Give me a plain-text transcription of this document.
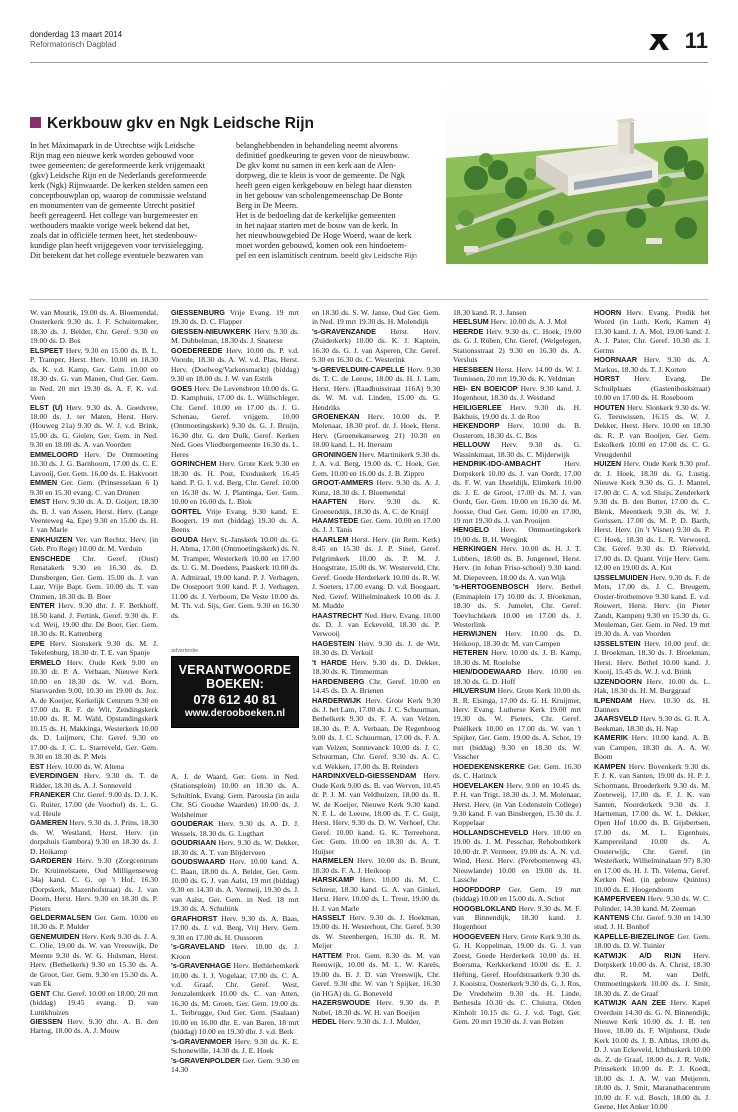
donderdag 13 maart 2014
Reformatorisch Dagblad	11
Kerkbouw gkv en Ngk Leidsche Rijn

In het Máximapark in de Utrechtse wijk Leidsche

Rijn mag een nieuwe kerk worden gebouwd voor

twee gemeenten: de gereformeerde kerk vrijgemaakt

(gkv) Leidsche Rijn en de Nederlands gereformeerde

kerk (Ngk) Rijnwaarde. De kerken stelden samen een

conceptbouwplan op, waarop de commissie welstand

en monumenten van de gemeente Utrecht positief

heeft gereageerd. Het college van burgemeester en

wethouders maakte vorige week bekend dat het,

zoals dat in officiële termen heet, het stedenbouw-

kundige plan heeft vrijgegeven voor tervisielegging.

Dit betekent dat het college eventuele bezwaren van

belanghebbenden in behandeling neemt alvorens

definitief goedkeuring te geven voor de nieuwbouw.

De gkv komt nu samen in een kerk aan de Alen-

dorpweg, die te klein is voor de gemeente. De Ngk

heeft geen eigen kerkgebouw en belegt haar diensten

in het gebouw van scholengemeenschap De Bonte

Berg in De Meern.

Het is de bedoeling dat de kerkelijke gemeenten

in het najaar starten met de bouw van de kerk. In

het nieuwbouwgebied De Hoge Woerd, waar de kerk

moet worden gebouwd, komen ook een hindoetem-

pel en een islamitisch centrum. beeld gkv Leidsche Rijn

W. van Mourik, 19.00 ds. A. Bloemendal, Oosterkerk 9.30 ds. J. F. Schuitemaker, 18.30 ds. J. Belder, Chr. Geref. 9.30 en 19.00 ds. D. Bos

ELSPEET Herv. 9.30 en 15.00 ds. B. L. P. Tramper, Herst. Herv. 10.00 en 18.30 ds. K. v.d. Kamp, Ger. Gem. 10.00 en 18.30 ds. G. van Manen, Oud Ger. Gem. in Ned. 20 mrt 19.30 ds. A. F. K. v.d. Veen

ELST (U) Herv. 9.30 ds. A. Goedvree, 18.00 ds. J. ter Maten, Herst. Herv. (Houweg 21a) 9.30 ds. W. J. v.d. Brink, 15.00 ds. G. Gielen, Ger. Gem. in Ned. 9.30 en 18.00 ds. A. van Voorden

EMMELOORD Herv. De Ontmoeting 10.30 ds. J. G. Barnhoorn, 17.00 ds. C. E. Lavooij, Ger. Gem. 16.00 ds. E. Hakvoort

EMMEN Ger. Gem. (Prinsesselaan 6 I) 9.30 en 15.30 evang. C. van Drunen

EMST Herv. 9.30 ds. A. D. Goijert, 18.30 ds. B. J. van Assen, Herst. Herv. (Lange Veenteweg 4a, Epe) 9.30 en 15.00 ds. H. J. van Marle

ENKHUIZEN Ver. van Rechtz. Herv. (in Geb. Pro Rege) 10.00 dr. M. Verduin

ENSCHEDE Chr. Geref. (Oost) Renatakerk 9.30 en 16.30 ds. D. Dunsbergen, Ger. Gem. 15.00 ds. J. van Laar, Vrije Bapt. Gem. 10.00 ds. T. van Ommen, 18.30 ds. B. Boer

ENTER Herv. 9.30 dhr. J. F. Berkhoff, 18.50 kand. J. Fertink, Geref. 9.30 ds. F. v.d. Weij, 19.00 dhr. De Boer, Ger. Gem. 18.30 ds. R. Kattenberg

EPE Herv. Sionskerk 9.30 ds. M. J. Tekelenburg, 18.30 dr. T. E. van Spanje

ERMELO Herv. Oude Kerk 9.00 en 10.30 dr. P. A. Verbaan, Nieuwe Kerk 10.00 en 18.30 ds. W. v.d. Born, Starsvarden 9.00, 10.30 en 19.00 ds. Joz. A. de Koeijer, Kerkelijk Centrum 9.30 en 17.00 ds. R. F. de Wit, Zendingskerk 10.00 ds. R. M. Wahl, Opstandingskerk 10.15 ds. H. Makkinga, Westerkerk 10.00 ds. D. Luijmers, Chr. Geref. 9.30 en 17.00 ds. J. C. L. Starreveld, Ger. Gem. 9.30 en 18.30 ds. P. Mels

EST Herv. 10.00 ds. W. Altena

EVERDINGEN Herv. 9.30 ds. T. de Ridder, 18.30 ds. A. J. Sonneveld

FRANEKER Chr. Geref. 9.00 ds. D. J. K. G. Ruiter, 17.00 (de Voorhof) ds. L. G. v.d. Heule

GAMEREN Herv. 9.30 ds. J. Prins, 18.30 ds. W. Westland, Herst. Herv. (in dorpshuis Gambora) 9.30 en 18.30 ds. J. D. Heikamp

GARDEREN Herv. 9.30 (Zorgcentrum Dr. Kruimelstaete, Oud Milligenseweg 34a) kand. C. G. op 't Hof, 16.30 (Dorpskerk, Mazenhofstraat) ds. J. van Doorn, Herst. Herv. 9.30 en 18.30 ds. P. Pieters

GELDERMALSEN Ger. Gem. 10.00 en 18.30 ds. P. Mulder

GENEMUIDEN Herv. Kerk 9.30 ds. J. A. C. Olie, 19.00 ds. W. van Vreeswijk, De Meente 9.30 ds. W. G. Hulsman, Herst. Herv. (Bethelkerk) 9.30 en 15.30 ds. A. de Groot, Ger. Gem. 9.30 en 15.30 ds. A. van Ek

GENT Chr. Geref. 10.00 en 18.00, 20 mrt (biddag) 19.45 evang. D. van Luttikhuizen

GIESSEN Herv. 9.30 dhr. A. B. den Hartog, 18.00 ds. A. J. Mouw

GIESSENBURG Vrije Evang. 19 mrt 19.30 ds. D. C. Flapper

GIESSEN-NIEUWKERK Herv. 9.30 ds. M. Dubbelman, 18.30 ds. J. Snaterse

GOEDEREEDE Herv. 10.00 ds. P. v.d. Voorde, 18.30 ds. A. W. v.d. Plas, Herst. Herv. (Doelweg/Varkensmarkt) (biddag) 9.30 en 18.00 ds. J. W. van Estrik

GOES Herv. De Levensbron 10.00 ds. G. D. Kamphuis, 17.00 ds. L. Wüllschleger, Chr. Geref. 10.00 en 17.00 ds. J. G. Schenau, Geref. vrijgem. 10.00 (Ontmoetingskerk) 9.30 ds. G. J. Bruijn, 16.30 dhr. G. den Dulk, Geref. Kerken Ned. Goes Vliedbergemeente 16.30 ds. L. Heres

GORINCHEM Herv. Grote Kerk 9.30 en 18.30 ds. H. Post, Exoduskerk 16.45 kand. P. G. I. v.d. Berg, Chr. Geref. 10.00 en 16.30 ds. W. J. Plantinga, Ger. Gem. 10.00 en 16.00 ds. L. Blok

GORTEL Vrije Evang. 9.30 kand. E. Boogert, 19 mrt (biddag) 19.30 ds. A. Beens

GOUDA Herv. St.-Janskerk 10.00 ds. G. H. Abma, 17.00 (Ontmoetingskerk) ds. N. M. Tramper, Westerkerk 10.00 en 17.00 ds. U. G. M. Doedens, Paaskerk 10.00 ds. A. Admiraal, 19.00 kand. P. J. Verhagen, De Oostpoort 9.00 kand. P. J. Verhagen, 11.00 ds. J. Verboom, De Veste 10.00 ds. M. Th. v.d. Sijs, Ger. Gem. 9.30 en 16.30 ds.

A. J. de Waard, Ger. Gem. in Ned. (Stationsplein) 10.00 en 18.30 ds. A. Schultink, Evang. Gem. Parousia (in aula Chr. SG Goudse Waarden) 10.00 ds. J. Wolsheimer

GOUDERAK Herv. 9.30 ds. A. D. J. Wessels, 18.30 ds. G. Lugthart

GOUDRIAAN Herv. 9.30 ds. W. Dekker, 18.30 ds. A. T. van Blijderveen

GOUDSWAARD Herv. 10.00 kand. A. C. Baan, 18.00 ds. A. Belder, Ger. Gem. 10.00 ds. G. J. van Aalst, 19 mrt (biddag) 9.30 en 14.30 ds. A. Vermeij, 19.30 ds. J. van Aalst, Ger. Gem. in Ned. 18 mrt 19.30 ds. A. Schultink

GRAFHORST Herv. 9.30 ds. A. Baas, 17.00 ds. J. v.d. Berg, Vrij Herv. Gem. 9.30 en 17.00 ds. H. Oussoren

's-GRAVELAND Herv. 10.00 ds. J. Kroon

's-GRAVENHAGE Herv. Bethlehemkerk 10.00 ds. I. J. Vogelaar, 17.00 ds. C. A. v.d. Graaf, Chr. Geref. West, Jeruzalemkerk 10.00 ds. C. van Atten, 16.30 ds. M. Groen, Ger. Gem. 19.00 ds. L. Terbrugge, Oud Ger. Gem. (Saalaan) 10.00 en 16.00 dhr. E. van Baren, 18 mrt (biddag) 10.00 en 19.30 dhr. J. v.d. Berk

's-GRAVENMOER Herv. 9.30 ds. K. E. Schonewille, 14.30 ds. J. E. Hoek

's-GRAVENPOLDER Ger. Gem. 9.30 en 14.30

en 18.30 ds. S. W. Janse, Oud Ger. Gem. in Ned. 19 mrt 19.30 ds. H. Molendijk

's-GRAVENZANDE Herst. Herv. (Zuiderkerk) 10.00 ds. K. J. Kaptein, 16.30 ds. G. J. van Asperen, Chr. Geref. 9.30 en 16.30 ds. C. Westerink

's-GREVELDUIN-CAPELLE Herv. 9.30 ds. T. C. de Leeuw, 18.00 ds. H. J. Lam, Herst. Herv. (Raadhuisstraat 116A) 9.30 ds. W. M. v.d. Linden, 15.00 ds. G. Hendriks

GROENEKAN Herv. 10.00 ds. P. Molenaar, 18.30 prof. dr. J. Hoek, Herst. Herv. (Groenekanseweg 21) 10.30 en 18.00 kand. L. H. Ittersum

GRONINGEN Herv. Martinikerk 9.30 ds. J. A. v.d. Berg, 19.00 ds. C. Hoek, Ger. Gem. 10.00 en 16.00 ds. J. B. Zippro

GROOT-AMMERS Herv. 9.30 ds. A. J. Kunz, 18.30 ds. J. Bloemendal

HAAFTEN Herv. 9.30 ds. K. Groenendijk, 18.30 ds. A. C. de Kruijf

HAAMSTEDE Ger. Gem. 10.00 en 17.00 ds. J. J. Tanis

HAARLEM Herst. Herv. (in Rem. Kerk) 8.45 en 15.30 ds. J. P. Stoel, Geref. Pelgrimkerk 10.00 ds. P. M. J. Hoogstrate, 15.00 ds. W. Westerveld, Chr. Geref. Goede Herderkerk 10.00 ds. R. W. J. Soeters, 17.00 evang. D. v.d. Boogaart, Ned. Geref. Wilhelminakerk 10.00 ds. J. M. Mudde

HAASTRECHT Ned. Herv. Evang. 10.00 ds. D. J. van Eckeveld, 18.30 ds. P. Verwooij

HAGESTEIN Herv. 9.30 ds. J. de Wit, 18.30 ds. D. Verkuil

't HARDE Herv. 9.30 ds. D. Dekker, 18.30 ds. K. Timmerman

HARDENBERG Chr. Geref. 10.00 en 14.45 ds. D. A. Brienen

HARDERWIJK Herv. Grote Kerk 9.30 ds. J. het Lam, 17.00 ds. J. C. Schuurman, Bethelkerk 9.30 ds. F. A. van Velzen, 18.30 ds. P. A. Verbaan, De Regenboog 9.00 ds. J. C. Schuurman, 17.00 ds. F. A. van Velzen, Sonnevanck 10.00 ds. J. C. Schuurman, Chr. Geref. 9.30 ds. A. C. v.d. Wekken, 17.00 ds. B. Reinders

HARDINXVELD-GIESSENDAM Herv. Oude Kerk 9.00 ds. B. van Werven, 10.45 dr. P. J. M. van Veldhuizen, 18.00 ds. R. W. de Koeijer, Nieuwe Kerk 9.30 kand. N. F. L. de Leeuw, 18.00 ds. T. C. Guijt, Herst. Herv. 9.30 ds. D. W. Verhoef, Chr. Geref. 10.00 kand. G. K. Terreehorst, Ger. Gem. 10.00 en 18.30 ds. A. T. Huijser

HARMELEN Herv. 10.00 ds. B. Brunt, 18.30 ds. F. A. J. Heikoop

HARSKAMP Herv. 10.00 ds. M. C. Schreur, 18.30 kand. G. A. van Ginkel, Herst. Herv. 10.00 ds. L. Treur, 19.00 ds. H. J. van Marle

HASSELT Herv. 9.30 ds. J. Hoekman, 19.00 ds. H. Westerhout, Chr. Geref. 9.30 ds. W. Steenbergen, 16.30 ds. R. M. Meijer

HATTEM Prot. Gem. 8.30 ds. M. van Reeuwijk, 10.00 ds. M. L. W. Karels, 19.00 ds. B. J. D. van Vreeswijk, Chr. Geref. 9.30 dhr. W. van 't Spijker, 16.30 (in HGA) ds. G. Boneveld

HAZERSWOUDE Herv. 9.30 ds. P. Nobel, 18.30 ds. W. H. van Boeijen

HEDEL Herv. 9.30 ds. J. J. Mulder,

18.30 kand. R. J. Jansen

HEELSUM Herv. 10.00 ds. A. J. Mol

HEERDE Herv. 9.30 ds. C. Hoek, 19.00 ds. G. J. Röben, Chr. Geref. (Welgelegen, Stationsstraat 2) 9.30 en 16.30 ds. A. Versluis

HEESBEEN Herst. Herv. 14.00 ds. W. J. Teunissen, 20 mrt 19.30 ds. K. Veldman

HEI- EN BOEICOP Herv. 9.30 kand. J. Hogenhout, 18.30 ds. J. Westland

HEILIGERLEE Herv. 9.30 ds. H. Bakhuis, 19.00 ds. J. de Roo

HEKENDORP Herv. 10.00 ds. B. Oosterom, 18.30 ds. C. Bos

HELLOUW Herv. 9.30 ds. G. Wassinkmaat, 18.30 ds. C. Mijderwijk

HENDRIK-IDO-AMBACHT	Herv. Dorpskerk 10.00 ds. J. van Oordt, 17.00 ds. F. W. van IJsseldijk, Elimkerk 10.00 ds. J. E. de Groot, 17.00 ds. M. J. van Oordt, Ger. Gem. 10.00 en 16.30 ds. M. Joosse, Oud Ger. Gem. 10.00 en 17.00, 19 mrt 19.30 ds. J. van Prooijen

HENGELO Herv. Ontmoetingskerk 19.00 ds. B. H. Weegink

HERKINGEN Herv. 10.00 ds. H. J. T. Lubbers, 18.00 ds. B. Jongeneel, Herst. Herv. (in Johan Friso-school) 9.30 kand. M. Diepeveen, 18.00 ds. A. van Wijk

's-HERTOGENBOSCH Herv. Bethel (Emmaplein 17) 10.00 ds. J. Broekman, 18.30 ds. S. Jumelet, Chr. Geref. Toevluchtkerk 10.00 en 17.00 ds. J. Westerlink

HERWIJNEN Herv. 10.00 ds. D. Heikoop, 18.30 dr. M. van Campen

HETEREN Herv. 10.00 ds. J. B. Kamp, 18.30 ds. M. Roelofse

HIEN/DODEWAARD Herv. 10.00 en 18.30 ds. G. D. Hoff

HILVERSUM Herv. Grote Kerk 10.00 ds. R. R. Eisinga, 17.00 ds. G. H. Kruijmer, Herv. Evang. Lutherse Kerk 19.00 mrt 19.30 ds. W. Pieters, Chr. Geref. Pniëlkerk 10.00 en 17.00 ds. W. van 't Spijker, Ger. Gem. 19.00 ds. A. Schot, 19 mrt (biddag) 9.30 en 18.30 ds. W. Visscher

HOEDEKENSKERKE Ger. Gem. 16.30 ds. C. Harinck

HOEVELAKEN Herv. 9.00 en 10.45 ds. P. H. van Trigt, 18.30 ds. J. M. Molenaar, Herst. Herv. (in Van Lodenstein College) 9.30 kand. F. van Binsbergen, 15.30 ds. J. Koppelaar

HOLLANDSCHEVELD Herv. 10.00 en 19.00 ds. J. M. Pesschar, Rehobothkerk 10.00 dr. P. Vermeer, 19.00 ds. A. N. v.d. Wind, Herst. Herv. (Perebomenweg 43, Nieuwlande) 10.00 en 19.00 ds. H. Lassche

HOOFDDORP Ger. Gem. 19 mrt (biddag) 10.00 en 15.00 ds. A. Schot

HOOGBLOKLAND Herv. 9.30 ds. M. F. van Binnendijk, 18.30 kand. J. Hogenhout

HOOGEVEEN Herv. Grote Kerk 9.30 ds. G. H. Koppelman, 19.00 ds. G. J. van Zoest, Goede Herderkerk 10.00 ds. H. Boersma, Kerkkerkend 10.00 ds. E. J. Hefting, Geref. Hoofdstraatkerk 9.30 ds. J. Kooistra, Oosterkerk 9.30 ds. G. J. Ros, De Vredeheim 9.30 ds. H. Linde, Bethesda 10.30 ds. C. Cluistra, Olden Kinholt 10.15 ds. G. J. v.d. Togt, Ger. Gem. 20 mrt 19.30 ds. J. van Belzen

HOORN Herv. Evang. Predik het Woord (in Luth. Kerk, Kamen 4) 13.30 kand. J. A. Mol, 19.00 kand. J. A. J. Pater, Chr. Geref. 10.30 ds. J. Germs

HOORNAAR Herv. 9.30 ds. A. Markus, 18.30 ds. T. J. Korten

HORST Herv. Evang. De Schuilplaats (Gasteniboskstraat) 10.00 en 17.00 ds. H. Roseboom

HOUTEN Herv. Slonkerk 9.30 ds. W. G. Teeuwissen, 16.15 ds. W. J. Dekker, Herst. Herv. 10.00 en 18.30 ds. R. P. van Rooijen, Ger. Gem. Eskolkerk 10.00 en 17.00 ds. C. G. Vreugdenhil

HUIZEN Herv. Oude Kerk 9.30 prof. dr. J. Hoek, 18.30 ds. G. Lustig, Nieuwe Kerk 9.30 ds. G. J. Mantel, 17.00 dr. C. A. v.d. Sluijs, Zenderkerk 9.30 ds. B. den Butter, 17.00 ds. C. Blenk, Meentkerk 9.30 ds. W. J. Gorissen, 17.00 ds. M. P. D. Barth, Herst. Herv. (in 't Visnet) 9.30 ds. P. C. Hoek, 18.30 ds. L. R. Verwoerd, Chr. Geref. 9.30 ds. D. Rietveld, 17.00 ds. D. Quant. Vrije Herv. Gem. 12.00 en 19.00 ds. A. Kot

IJSSELMUIDEN Herv. 9.30 ds. F. de Mots, 17.00 ds. J. C. Breugem, Ooster-brothemove 9.30 kand. E. v.d. Rouwert, Herst. Herv. (in Pieter Zandt, Kampen) 9.30 en 15.30 ds. G. Meuleman, Ger. Gem. in Ned. 19 mrt 19.30 ds. A. van Voorden

IJSSELSTEIN Herv. 10.00 prof. dr. J. Broekman, 18.30 ds. J. Broekman, Herst. Herv. Bethel 10.00 kand. J. Kooij, 15.45 ds. W. J. v.d. Brink

IJZENDOORN Herv. 10.00 ds. L. Hak, 18.30 ds. H. M. Burggraaf

ILPENDAM Herv. 10.30 ds. H. Danners

JAARSVELD Herv. 9.30 ds. G. R. A. Beekman, 18.30 ds. H. Nap

KAMERIK Herv. 10.00 kand. A. B. van Campen, 18.30 ds. A. A. W. Boom

KAMPEN Herv. Bovenkerk 9.30 ds. F. J. K. van Santen, 19.00 ds. H. P. J. Schormans, Broederkerk 9.30 ds. M. Zoeteweij, 17.00 ds. F. J. K. van Santen, Noorderkerk 9.30 ds. J. Hartteman, 17.00 ds. W. L. Dekker, Open Hof 10.00 ds. B. Gijsbertsen, 17.00 ds. M. L. Eigenhuis, Kampereiland 10.00 ds. A. Oosterwijk, Chr. Geref. (in Westerkerk, Wilhelminalaan 97) 8.30 en 17.00 ds. H. J. Th. Velema, Geref. Kerken Ned. (in gebouw Quintus) 10.00 ds. E. Hoogendoorn

KAMPERVEEN Herv. 9.30 ds. W. C. Polinder, 14.30 kand. M. Zeeman

KANTENS Chr. Geref. 9.30 en 14.30 stud. J. H. Bonhof

KAPELLE-BIEZELINGE Ger. Gem. 18.00 ds. D. W. Tuinier

KATWIJK A/D RIJN Herv. Dorpskerk 10.00 ds. A. Christ, 18.30 dhr. R. M. van Delft, Ontmoetingskerk 10.00 ds. J. Smit, 18.30 ds. Z. de Graaf

KATWIJK AAN ZEE Herv. Kapel Overduin 14.30 ds. G. N. Binnendijk, Nieuwe Kerk 10.00 ds. J. B. ten Hove, 18.00 ds. F. Wijnhorst, Oude Kerk 10.00 ds. J. B. Alblas, 18.00 ds. D. J. van Eckeveld, Ichthuskerk 10.00 ds. Z. de Graaf, 18.00 ds. J. R. Volk, Prinsekerk 10.00 ds. P. J. Koedt, 18.00 ds. J. A. W. van Meijeren, 18.00 ds. J. Smit, Maranathacentrum 10.00 dr. F. v.d. Bosch, 18.00 ds. J. Geene, Het Anker 10.00

advertentie
VERANTWOORDE
BOEKEN:
078 612 40 81
www.derooboeken.nl
